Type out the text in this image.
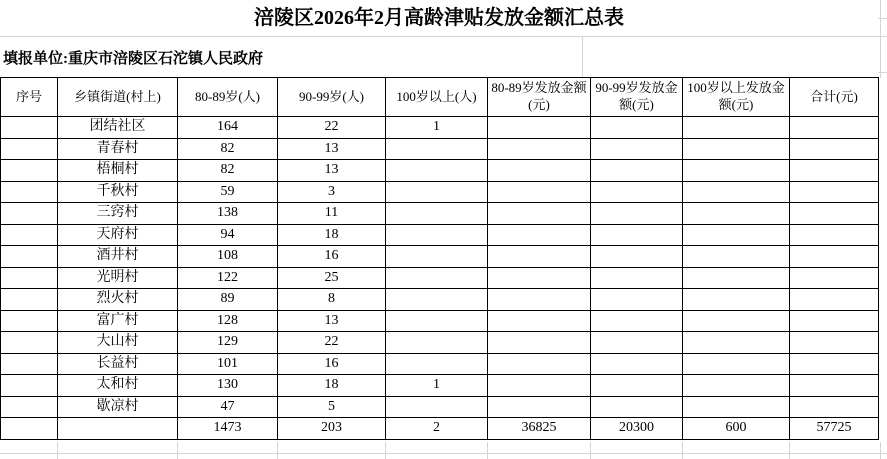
涪陵区2026年2月高龄津贴发放金额汇总表
填报单位:重庆市涪陵区石沱镇人民政府
序号	乡镇街道(村上)	80-89岁(人)	90-99岁(人)	100岁以上(人)	80-89岁发放金额(元)	90-99岁发放金额(元)	100岁以上发放金额(元)	合计(元)
	团结社区	164	22	1				
	青春村	82	13					
	梧桐村	82	13					
	千秋村	59	3					
	三窍村	138	11					
	天府村	94	18					
	酒井村	108	16					
	光明村	122	25					
	烈火村	89	8					
	富广村	128	13					
	大山村	129	22					
	长益村	101	16					
	太和村	130	18	1				
	歇凉村	47	5					
		1473	203	2	36825	20300	600	57725
